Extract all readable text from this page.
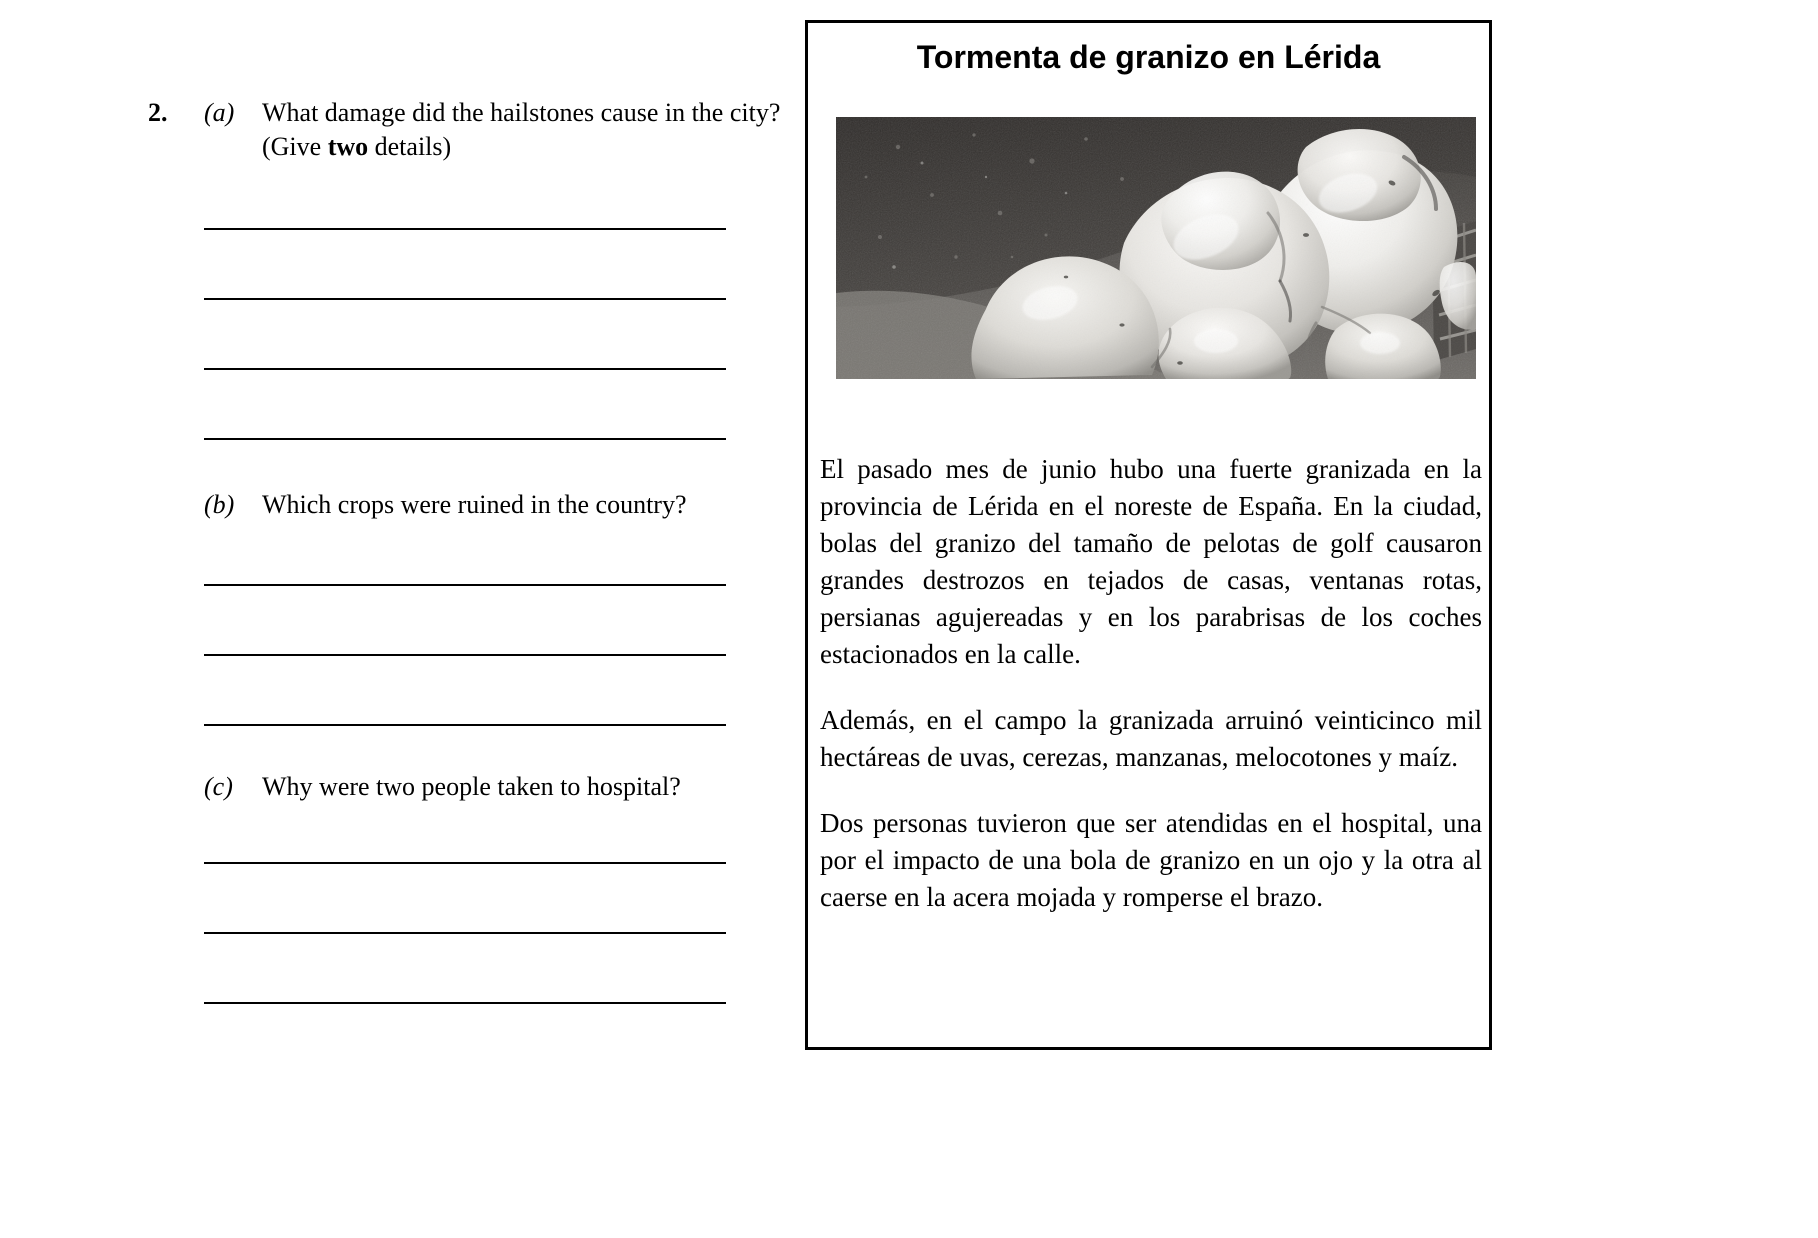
2.	(a)	What damage did the hailstones cause in the city? (Give two details)
(b)	Which crops were ruined in the country?
(c)	Why were two people taken to hospital?
Tormenta de granizo en Lérida

El pasado mes de junio hubo una fuerte granizada en la provincia de Lérida en el noreste de España. En la ciudad, bolas del granizo del tamaño de pelotas de golf causaron grandes destrozos en tejados de casas, ventanas rotas, persianas agujereadas y en los parabrisas de los coches estacionados en la calle.

Además, en el campo la granizada arruinó veinticinco mil hectáreas de uvas, cerezas, manzanas, melocotones y maíz.

Dos personas tuvieron que ser atendidas en el hospital, una por el impacto de una bola de granizo en un ojo y la otra al caerse en la acera mojada y romperse el brazo.
